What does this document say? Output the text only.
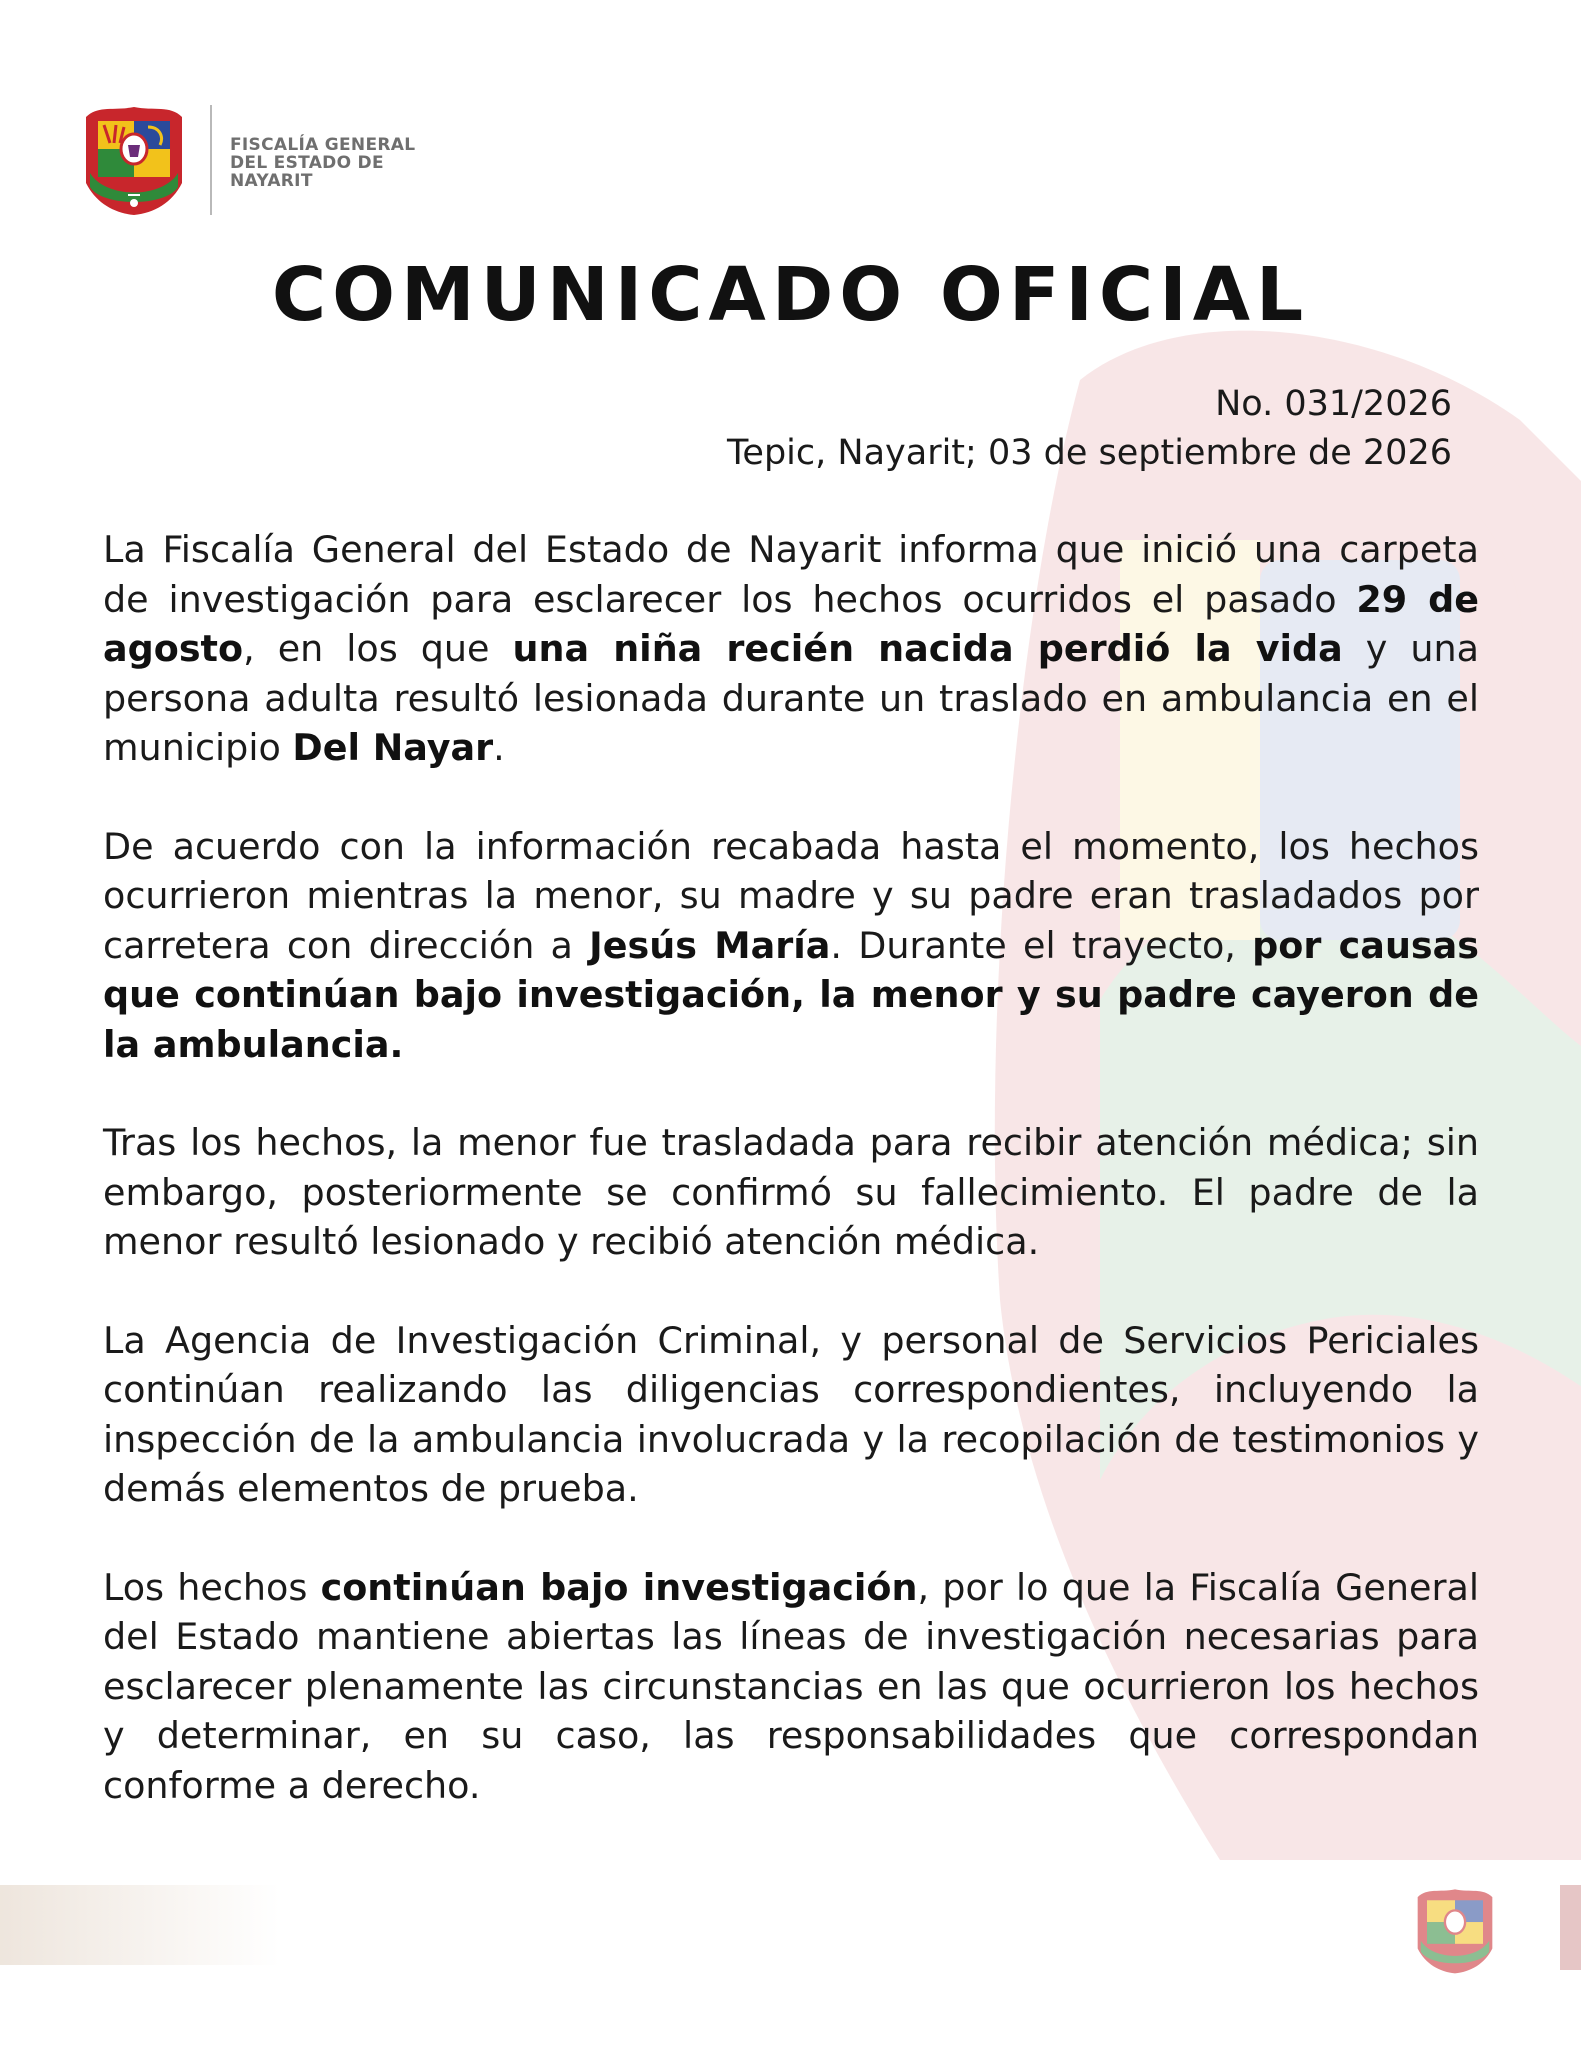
FISCALÍA GENERAL
DEL ESTADO DE
NAYARIT
COMUNICADO OFICIAL
No. 031/2026
Tepic, Nayarit; 03 de septiembre de 2026

La Fiscalía General del Estado de Nayarit informa que inició una carpeta de investigación para esclarecer los hechos ocurridos el pasado 29 de agosto, en los que una niña recién nacida perdió la vida y una persona adulta resultó lesionada durante un traslado en ambulancia en el municipio Del Nayar.

De acuerdo con la información recabada hasta el momento, los hechos ocurrieron mientras la menor, su madre y su padre eran trasladados por carretera con dirección a Jesús María. Durante el trayecto, por causas que continúan bajo investigación, la menor y su padre cayeron de la ambulancia.

Tras los hechos, la menor fue trasladada para recibir atención médica; sin embargo, posteriormente se confirmó su fallecimiento. El padre de la menor resultó lesionado y recibió atención médica.

La Agencia de Investigación Criminal, y personal de Servicios Periciales continúan realizando las diligencias correspondientes, incluyendo la inspección de la ambulancia involucrada y la recopilación de testimonios y demás elementos de prueba.

Los hechos continúan bajo investigación, por lo que la Fiscalía General del Estado mantiene abiertas las líneas de investigación necesarias para esclarecer plenamente las circunstancias en las que ocurrieron los hechos y determinar, en su caso, las responsabilidades que correspondan conforme a derecho.
